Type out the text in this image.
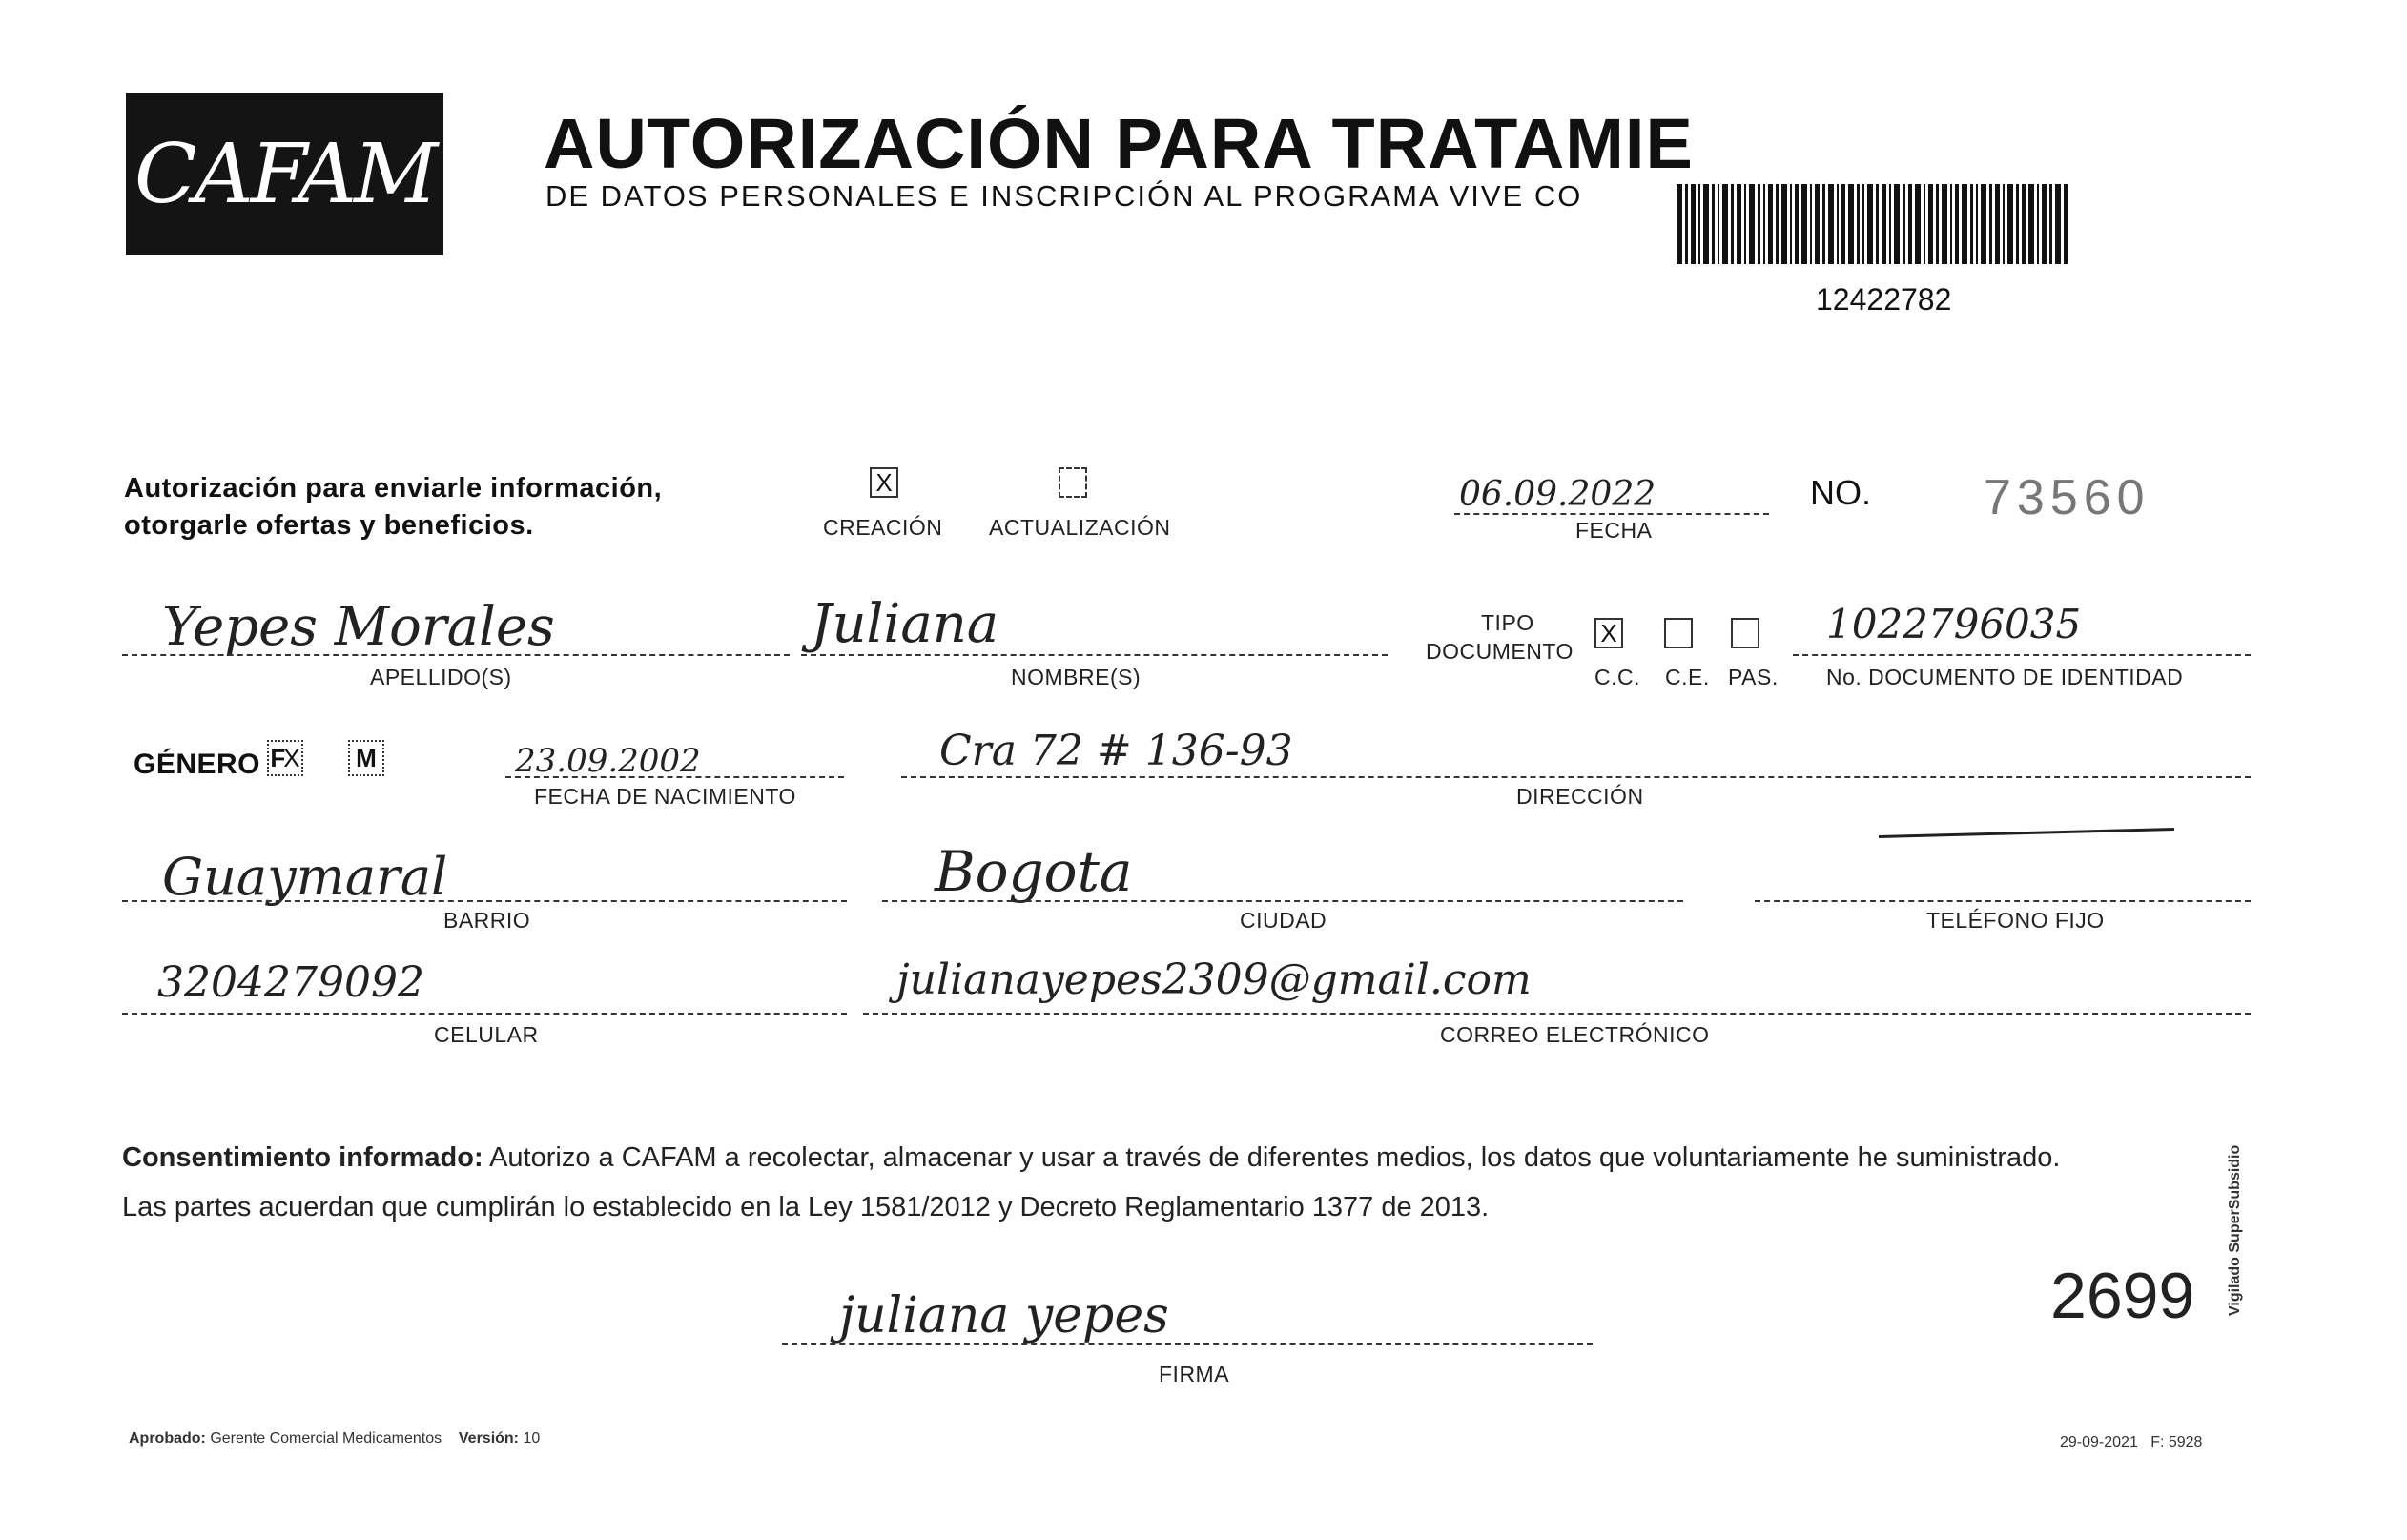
CAFAM AUTORIZACIÓN PARA TRATAMIE
DE DATOS PERSONALES E INSCRIPCIÓN AL PROGRAMA VIVE CO
12422782
Autorización para enviarle información,
otorgarle ofertas y beneficios.
X
CREACIÓN ACTUALIZACIÓN
06.09.2022
FECHA
NO. 73560
Yepes Morales
APELLIDO(S)
Juliana
NOMBRE(S)
TIPO
DOCUMENTO
X
C.C. C.E. PAS.
1022796035
No. DOCUMENTO DE IDENTIDAD
GÉNERO F
X M	23.09.2002
FECHA DE NACIMIENTO
Cra 72 # 136-93
DIRECCIÓN
Guaymaral
BARRIO
Bogota
CIUDAD	TELÉFONO FIJO
3204279092
CELULAR
julianayepes2309@gmail.com
CORREO ELECTRÓNICO
Consentimiento informado: Autorizo a CAFAM a recolectar, almacenar y usar a través de diferentes medios, los datos que voluntariamente he suministrado.
Las partes acuerdan que cumplirán lo establecido en la Ley 1581/2012 y Decreto Reglamentario 1377 de 2013.
juliana yepes
FIRMA
2699
Aprobado: Gerente Comercial Medicamentos Versión: 10	29-09-2021 F: 5928
Vigilado SuperSubsidio
